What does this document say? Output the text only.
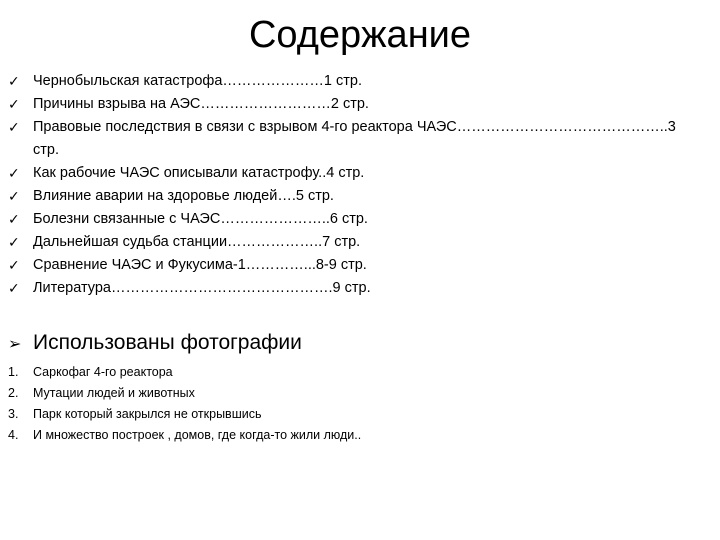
Содержание
✓ Чернобыльская катастрофа…………………1 стр.
✓ Причины взрыва на АЭС………………………2 стр.
✓ Правовые последствия в связи с взрывом 4-го реактора ЧАЭС……………………………………..3
стр.
✓ Как рабочие ЧАЭС описывали катастрофу..4 стр.
✓ Влияние аварии на здоровье людей….5 стр.
✓ Болезни связанные с ЧАЭС…………………..6 стр.
✓ Дальнейшая судьба станции………………..7 стр.
✓ Сравнение ЧАЭС и Фукусима-1…………...8-9 стр.
✓ Литература……………………………………….9 стр.
➢ Использованы фотографии
1. Саркофаг 4-го реактора
2. Мутации людей и животных
3. Парк который закрылся не открывшись
4. И множество построек , домов, где когда-то жили люди..
